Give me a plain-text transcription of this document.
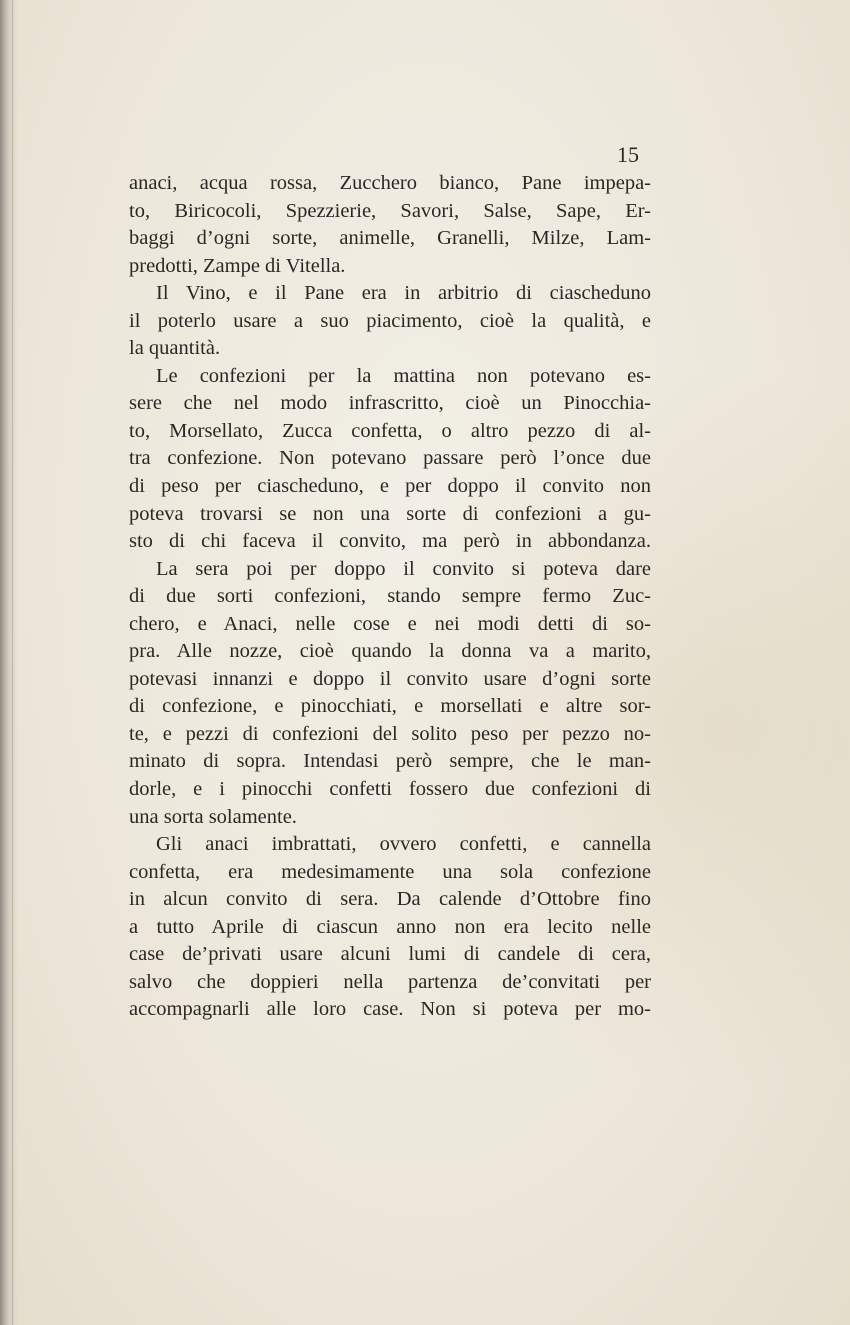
15

anaci, acqua rossa, Zucchero bianco, Pane impepa-
to, Biricocoli, Spezzierie, Savori, Salse, Sape, Er-
baggi d’ogni sorte, animelle, Granelli, Milze, Lam-
predotti, Zampe di Vitella.
Il Vino, e il Pane era in arbitrio di ciascheduno
il poterlo usare a suo piacimento, cioè la qualità, e
la quantità.
Le confezioni per la mattina non potevano es-
sere che nel modo infrascritto, cioè un Pinocchia-
to, Morsellato, Zucca confetta, o altro pezzo di al-
tra confezione. Non potevano passare però l’once due
di peso per ciascheduno, e per doppo il convito non
poteva trovarsi se non una sorte di confezioni a gu-
sto di chi faceva il convito, ma però in abbondanza.
La sera poi per doppo il convito si poteva dare
di due sorti confezioni, stando sempre fermo Zuc-
chero, e Anaci, nelle cose e nei modi detti di so-
pra. Alle nozze, cioè quando la donna va a marito,
potevasi innanzi e doppo il convito usare d’ogni sorte
di confezione, e pinocchiati, e morsellati e altre sor-
te, e pezzi di confezioni del solito peso per pezzo no-
minato di sopra. Intendasi però sempre, che le man-
dorle, e i pinocchi confetti fossero due confezioni di
una sorta solamente.
Gli anaci imbrattati, ovvero confetti, e cannella
confetta, era medesimamente una sola confezione
in alcun convito di sera. Da calende d’Ottobre fino
a tutto Aprile di ciascun anno non era lecito nelle
case de’privati usare alcuni lumi di candele di cera,
salvo che doppieri nella partenza de’convitati per
accompagnarli alle loro case. Non si poteva per mo-
